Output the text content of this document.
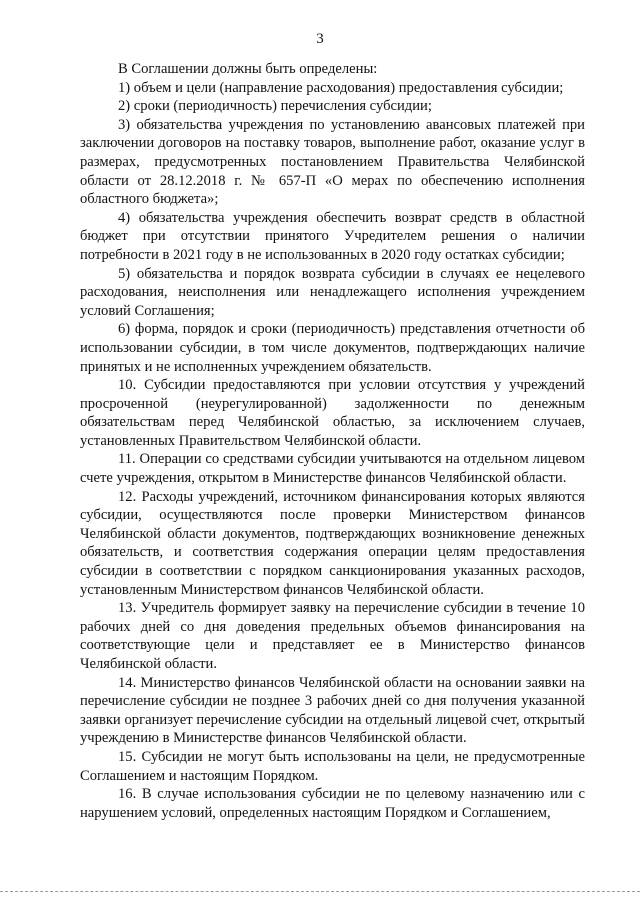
3

В Соглашении должны быть определены:

1) объем и цели (направление расходования) предоставления субсидии;

2) сроки (периодичность) перечисления субсидии;

3) обязательства учреждения по установлению авансовых платежей при заключении договоров на поставку товаров, выполнение работ, оказание услуг в размерах, предусмотренных постановлением Правительства Челябинской области от 28.12.2018 г. № 657-П «О мерах по обеспечению исполнения областного бюджета»;

4) обязательства учреждения обеспечить возврат средств в областной бюджет при отсутствии принятого Учредителем решения о наличии потребности в 2021 году в не использованных в 2020 году остатках субсидии;

5) обязательства и порядок возврата субсидии в случаях ее нецелевого расходования, неисполнения или ненадлежащего исполнения учреждением условий Соглашения;

6) форма, порядок и сроки (периодичность) представления отчетности об использовании субсидии, в том числе документов, подтверждающих наличие принятых и не исполненных учреждением обязательств.

10. Субсидии предоставляются при условии отсутствия у учреждений просроченной (неурегулированной) задолженности по денежным обязательствам перед Челябинской областью, за исключением случаев, установленных Правительством Челябинской области.

11. Операции со средствами субсидии учитываются на отдельном лицевом счете учреждения, открытом в Министерстве финансов Челябинской области.

12. Расходы учреждений, источником финансирования которых являются субсидии, осуществляются после проверки Министерством финансов Челябинской области документов, подтверждающих возникновение денежных обязательств, и соответствия содержания операции целям предоставления субсидии в соответствии с порядком санкционирования указанных расходов, установленным Министерством финансов Челябинской области.

13. Учредитель формирует заявку на перечисление субсидии в течение 10 рабочих дней со дня доведения предельных объемов финансирования на соответствующие цели и представляет ее в Министерство финансов Челябинской области.

14. Министерство финансов Челябинской области на основании заявки на перечисление субсидии не позднее 3 рабочих дней со дня получения указанной заявки организует перечисление субсидии на отдельный лицевой счет, открытый учреждению в Министерстве финансов Челябинской области.

15. Субсидии не могут быть использованы на цели, не предусмотренные Соглашением и настоящим Порядком.

16. В случае использования субсидии не по целевому назначению или с нарушением условий, определенных настоящим Порядком и Соглашением,
